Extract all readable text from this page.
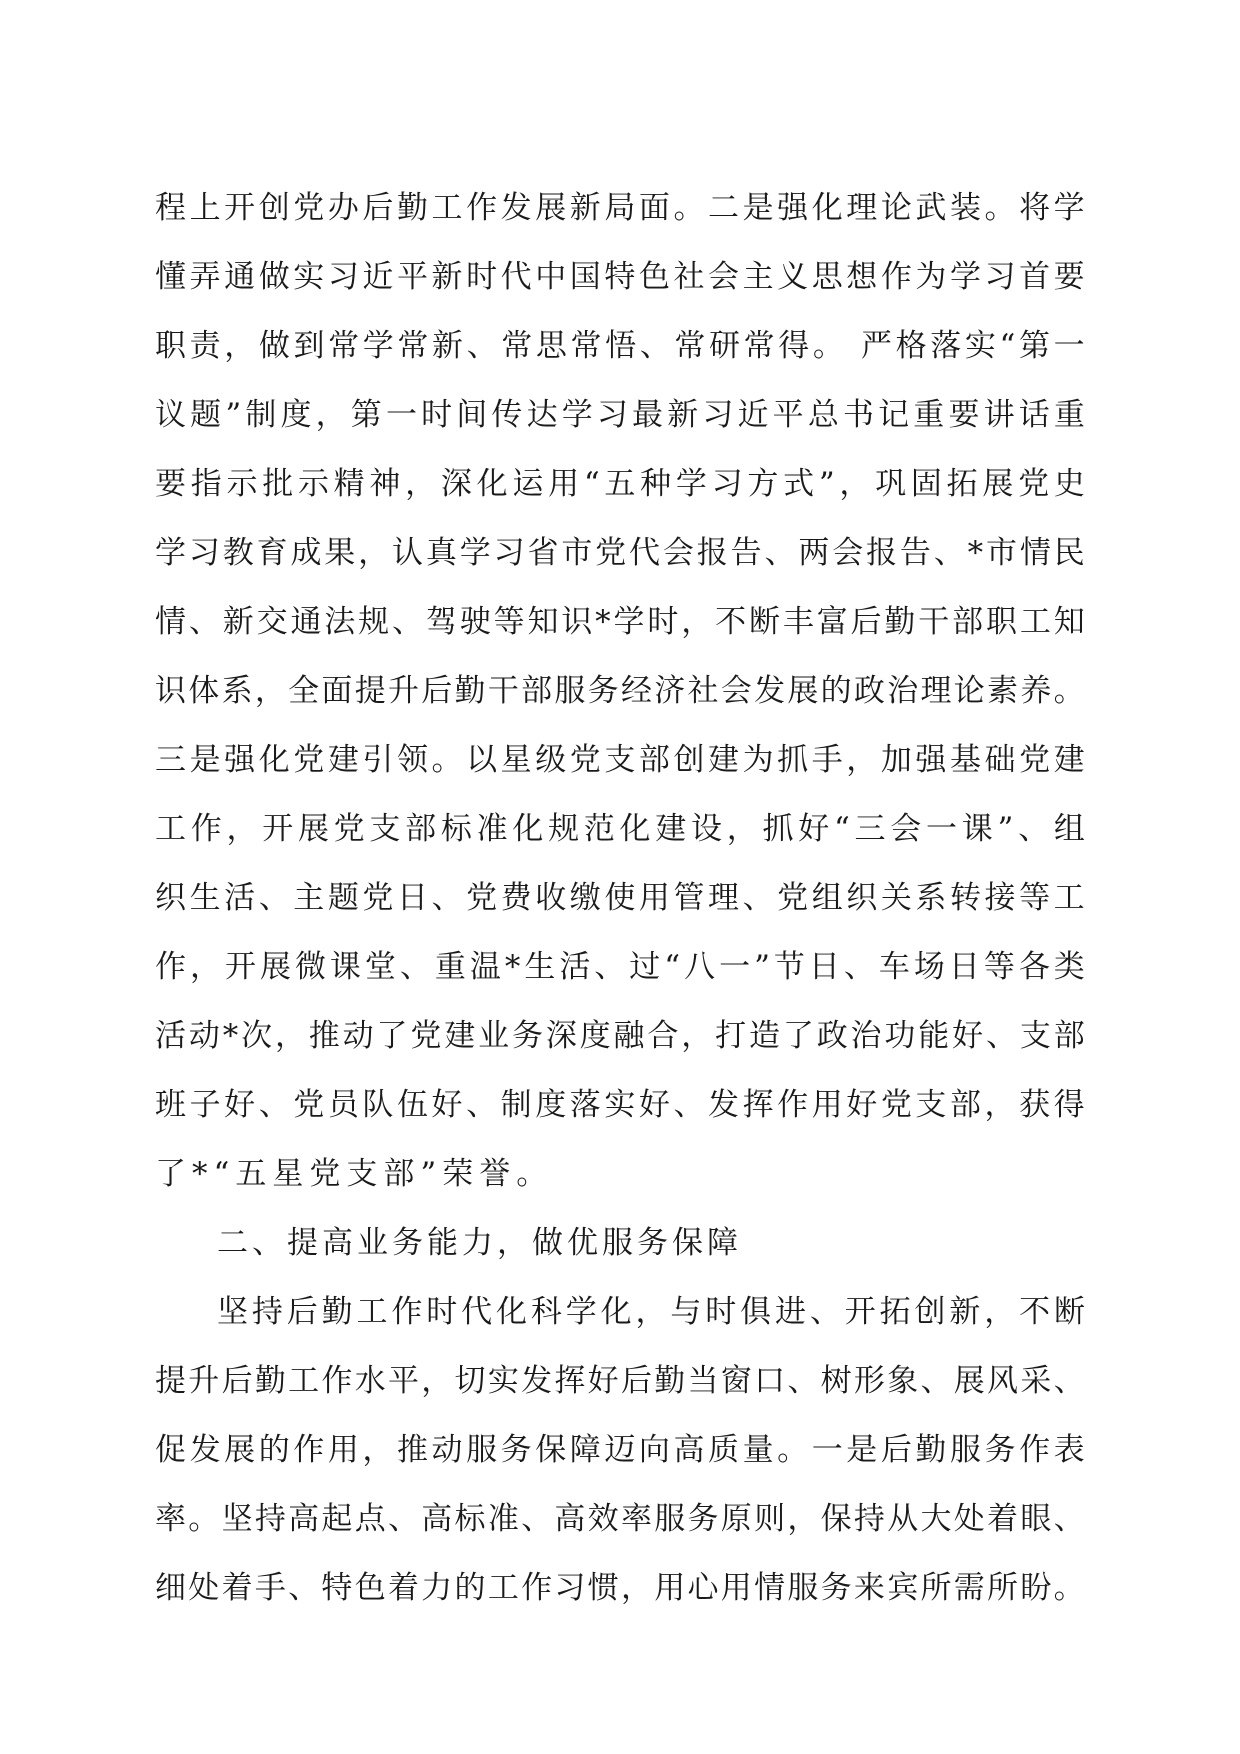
程 上 开 创 党 办 后 勤 工 作 发 展 新 局 面 。 二 是 强 化 理 论 武 装 。 将 学
懂 弄 通 做 实 习 近 平 新 时 代 中 国 特 色 社 会 主 义 思 想 作 为 学 习 首 要
职 责 ， 做 到 常 学 常 新 、 常 思 常 悟 、 常 研 常 得 。
严 格 落 实 “ 第 一
议 题 ” 制 度 ， 第 一 时 间 传 达 学 习 最 新 习 近 平 总 书 记 重 要 讲 话 重
要 指 示 批 示 精 神 ， 深 化 运 用 “ 五 种 学 习 方 式 ” ， 巩 固 拓 展 党 史
学 习 教 育 成 果 ， 认 真 学 习 省 市 党 代 会 报 告 、 两 会 报 告 、 * 市 情 民
情 、 新 交 通 法 规 、 驾 驶 等 知 识 * 学 时 ， 不 断 丰 富 后 勤 干 部 职 工 知
识 体 系 ， 全 面 提 升 后 勤 干 部 服 务 经 济 社 会 发 展 的 政 治 理 论 素 养 。
三 是 强 化 党 建 引 领 。 以 星 级 党 支 部 创 建 为 抓 手 ， 加 强 基 础 党 建
工 作 ， 开 展 党 支 部 标 准 化 规 范 化 建 设 ， 抓 好 “ 三 会 一 课 ” 、 组
织 生 活 、 主 题 党 日 、 党 费 收 缴 使 用 管 理 、 党 组 织 关 系 转 接 等 工
作 ， 开 展 微 课 堂 、 重 温 * 生 活 、 过 “ 八 一 ” 节 日 、 车 场 日 等 各 类
活 动 * 次 ， 推 动 了 党 建 业 务 深 度 融 合 ， 打 造 了 政 治 功 能 好 、 支 部
班 子 好 、 党 员 队 伍 好 、 制 度 落 实 好 、 发 挥 作 用 好 党 支 部 ， 获 得
了*“五星党支部”荣誉。
二、提高业务能力，做优服务保障
坚 持 后 勤 工 作 时 代 化 科 学 化 ， 与 时 俱 进 、 开 拓 创 新 ， 不 断
提 升 后 勤 工 作 水 平 ， 切 实 发 挥 好 后 勤 当 窗 口 、 树 形 象 、 展 风 采 、
促 发 展 的 作 用 ， 推 动 服 务 保 障 迈 向 高 质 量 。 一 是 后 勤 服 务 作 表
率 。 坚 持 高 起 点 、 高 标 准 、 高 效 率 服 务 原 则 ， 保 持 从 大 处 着 眼 、
细 处 着 手 、 特 色 着 力 的 工 作 习 惯 ， 用 心 用 情 服 务 来 宾 所 需 所 盼 。
